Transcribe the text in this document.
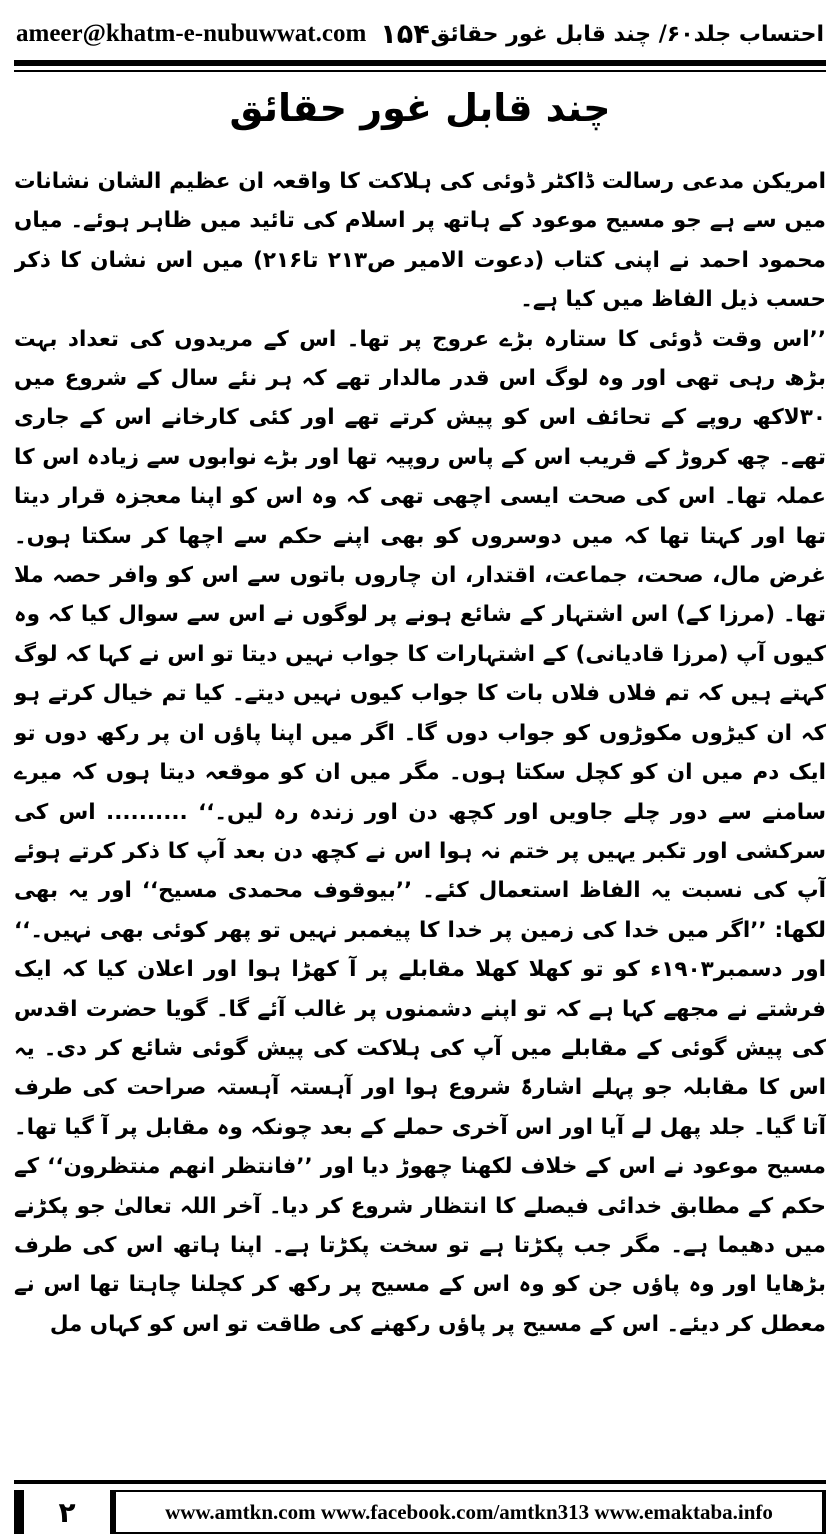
ameer@khatm-e-nubuwwat.com ۱۵۴ احتساب جلد۶۰/ چند قابل غور حقائق
چند قابل غور حقائق

امریکن مدعی رسالت ڈاکٹر ڈوئی کی ہلاکت کا واقعہ ان عظیم الشان نشانات میں سے ہے جو مسیح موعود کے ہاتھ پر اسلام کی تائید میں ظاہر ہوئے۔ میاں محمود احمد نے اپنی کتاب (دعوت الامیر ص۲۱۳ تا۲۱۶) میں اس نشان کا ذکر حسب ذیل الفاظ میں کیا ہے۔

’’اس وقت ڈوئی کا ستارہ بڑے عروج پر تھا۔ اس کے مریدوں کی تعداد بہت بڑھ رہی تھی اور وہ لوگ اس قدر مالدار تھے کہ ہر نئے سال کے شروع میں ۳۰لاکھ روپے کے تحائف اس کو پیش کرتے تھے اور کئی کارخانے اس کے جاری تھے۔ چھ کروڑ کے قریب اس کے پاس روپیہ تھا اور بڑے نوابوں سے زیادہ اس کا عملہ تھا۔ اس کی صحت ایسی اچھی تھی کہ وہ اس کو اپنا معجزہ قرار دیتا تھا اور کہتا تھا کہ میں دوسروں کو بھی اپنے حکم سے اچھا کر سکتا ہوں۔ غرض مال، صحت، جماعت، اقتدار، ان چاروں باتوں سے اس کو وافر حصہ ملا تھا۔ (مرزا کے) اس اشتہار کے شائع ہونے پر لوگوں نے اس سے سوال کیا کہ وہ کیوں آپ (مرزا قادیانی) کے اشتہارات کا جواب نہیں دیتا تو اس نے کہا کہ لوگ کہتے ہیں کہ تم فلاں فلاں بات کا جواب کیوں نہیں دیتے۔ کیا تم خیال کرتے ہو کہ ان کیڑوں مکوڑوں کو جواب دوں گا۔ اگر میں اپنا پاؤں ان پر رکھ دوں تو ایک دم میں ان کو کچل سکتا ہوں۔ مگر میں ان کو موقعہ دیتا ہوں کہ میرے سامنے سے دور چلے جاویں اور کچھ دن اور زندہ رہ لیں۔‘‘ .......... اس کی سرکشی اور تکبر یہیں پر ختم نہ ہوا اس نے کچھ دن بعد آپ کا ذکر کرتے ہوئے آپ کی نسبت یہ الفاظ استعمال کئے۔ ’’بیوقوف محمدی مسیح‘‘ اور یہ بھی لکھا: ’’اگر میں خدا کی زمین پر خدا کا پیغمبر نہیں تو پھر کوئی بھی نہیں۔‘‘ اور دسمبر۱۹۰۳ء کو تو کھلا کھلا مقابلے پر آ کھڑا ہوا اور اعلان کیا کہ ایک فرشتے نے مجھے کہا ہے کہ تو اپنے دشمنوں پر غالب آئے گا۔ گویا حضرت اقدس کی پیش گوئی کے مقابلے میں آپ کی ہلاکت کی پیش گوئی شائع کر دی۔ یہ اس کا مقابلہ جو پہلے اشارۃً شروع ہوا اور آہستہ آہستہ صراحت کی طرف آتا گیا۔ جلد پھل لے آیا اور اس آخری حملے کے بعد چونکہ وہ مقابل پر آ گیا تھا۔ مسیح موعود نے اس کے خلاف لکھنا چھوڑ دیا اور ’’فانتظر انهم منتظرون‘‘ کے حکم کے مطابق خدائی فیصلے کا انتظار شروع کر دیا۔ آخر اللہ تعالیٰ جو پکڑنے میں دھیما ہے۔ مگر جب پکڑتا ہے تو سخت پکڑتا ہے۔ اپنا ہاتھ اس کی طرف بڑھایا اور وہ پاؤں جن کو وہ اس کے مسیح پر رکھ کر کچلنا چاہتا تھا اس نے معطل کر دیئے۔ اس کے مسیح پر پاؤں رکھنے کی طاقت تو اس کو کہاں مل

۲	www.amtkn.com www.facebook.com/amtkn313 www.emaktaba.info
